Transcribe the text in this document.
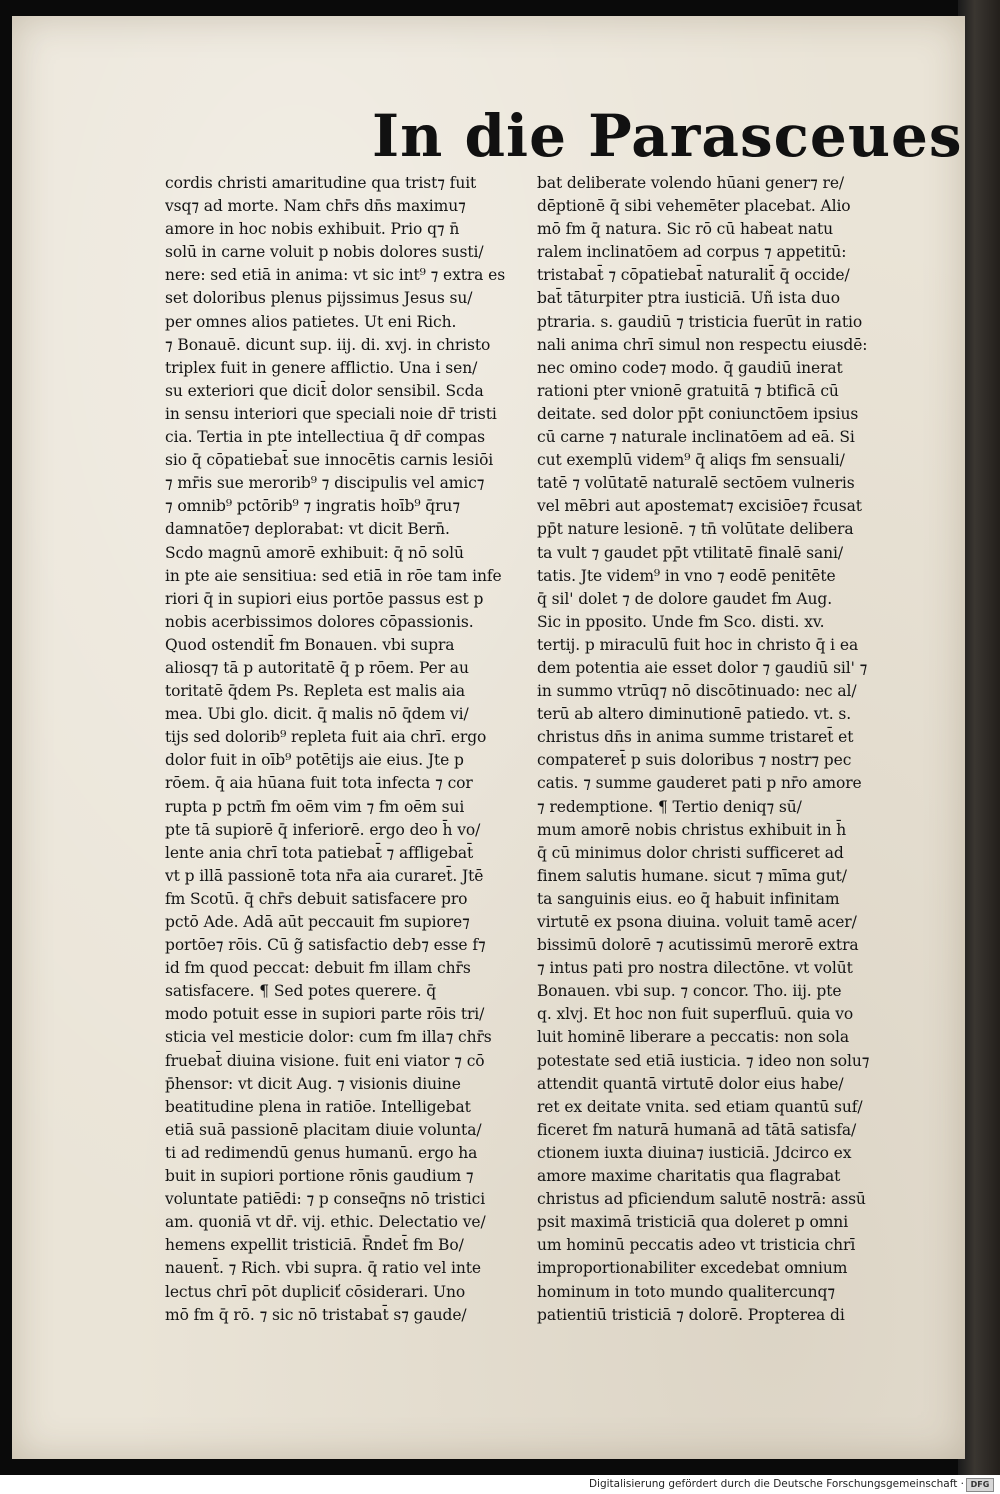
In die Parasceues
cordis christi amaritudine qua trist⁊ fuit
vsq⁊ ad morte. Nam chr̄s dn̄s maximu⁊
amore in hoc nobis exhibuit. Prio q⁊ n̄
solū in carne voluit p nobis dolores susti/
nere: sed etiā in anima: vt sic int⁹ ⁊ extra es
set doloribus plenus pijssimus Jesus su/
per omnes alios patietes. Ut eni Rich.
⁊ Bonauē. dicunt sup. iij. di. xvj. in christo
triplex fuit in genere afflictio. Una i sen/
su exteriori que dicit̄ dolor sensibil. Scda
in sensu interiori que speciali noie dr̄ tristi
cia. Tertia in pte intellectiua q̄ dr̄ compas
sio q̄ cōpatiebat̄ sue innocētis carnis lesiōi
⁊ mr̄is sue merorib⁹ ⁊ discipulis vel amic⁊
⁊ omnib⁹ pctōrib⁹ ⁊ ingratis hoīb⁹ q̄ru⁊
damnatōe⁊ deplorabat: vt dicit Bern̄.
Scdo magnū amorē exhibuit: q̄ nō solū
in pte aie sensitiua: sed etiā in rōe tam infe
riori q̄ in supiori eius portōe passus est p
nobis acerbissimos dolores cōpassionis.
Quod ostendit̄ fm Bonauen. vbi supra
aliosq⁊ tā p autoritatē q̄ p rōem. Per au
toritatē q̄dem Ps. Repleta est malis aia
mea. Ubi glo. dicit. q̄ malis nō q̄dem vi/
tijs sed dolorib⁹ repleta fuit aia chrī. ergo
dolor fuit in oīb⁹ potētijs aie eius. Jte p
rōem. q̄ aia hūana fuit tota infecta ⁊ cor
rupta p pctm̄ fm oēm vim ⁊ fm oēm sui
pte tā supiorē q̄ inferiorē. ergo deo h̄ vo/
lente ania chrī tota patiebat̄ ⁊ affligebat̄
vt p illā passionē tota nr̄a aia curaret̄. Jtē
fm Scotū. q̄ chr̄s debuit satisfacere pro
pctō Ade. Adā aūt peccauit fm supiore⁊
portōe⁊ rōis. Cū g̃ satisfactio deb⁊ esse f⁊
id fm quod peccat: debuit fm illam chr̄s
satisfacere. ¶ Sed potes querere. q̄
modo potuit esse in supiori parte rōis tri/
sticia vel mesticie dolor: cum fm illa⁊ chr̄s
fruebat̄ diuina visione. fuit eni viator ⁊ cō
p̄hensor: vt dicit Aug. ⁊ visionis diuine
beatitudine plena in ratiōe. Intelligebat
etiā suā passionē placitam diuie volunta/
ti ad redimendū genus humanū. ergo ha
buit in supiori portione rōnis gaudium ⁊
voluntate patiēdi: ⁊ p conseq̄ns nō tristici
am. quoniā vt dr̄. vij. ethic. Delectatio ve/
hemens expellit tristiciā. R̄ndet̄ fm Bo/
nauent̄. ⁊ Rich. vbi supra. q̄ ratio vel inte
lectus chrī pōt dupliciť cōsiderari. Uno
mō fm q̄ rō. ⁊ sic nō tristabat̄ s⁊ gaude/
bat deliberate volendo hūani gener⁊ re/
dēptionē q̄ sibi vehemēter placebat. Alio
mō fm q̄ natura. Sic rō cū habeat natu
ralem inclinatōem ad corpus ⁊ appetitū:
tristabat̄ ⁊ cōpatiebat̄ naturalit̄ q̄ occide/
bat̄ tāturpiter ptra iusticiā. Uñ ista duo
ptraria. s. gaudiū ⁊ tristicia fuerūt in ratio
nali anima chrī simul non respectu eiusdē:
nec omino code⁊ modo. q̄ gaudiū inerat
rationi pter vnionē gratuitā ⁊ btificā cū
deitate. sed dolor pp̄t coniunctōem ipsius
cū carne ⁊ naturale inclinatōem ad eā. Si
cut exemplū videm⁹ q̄ aliqs fm sensuali/
tatē ⁊ volūtatē naturalē sectōem vulneris
vel mēbri aut apostemat⁊ excisiōe⁊ r̄cusat
pp̄t nature lesionē. ⁊ tn̄ volūtate delibera
ta vult ⁊ gaudet pp̄t vtilitatē finalē sani/
tatis. Jte videm⁹ in vno ⁊ eodē penitēte
q̄ sil' dolet ⁊ de dolore gaudet fm Aug.
Sic in pposito. Unde fm Sco. disti. xv.
tertij. p miraculū fuit hoc in christo q̄ i ea
dem potentia aie esset dolor ⁊ gaudiū sil' ⁊
in summo vtrūq⁊ nō discōtinuado: nec al/
terū ab altero diminutionē patiedo. vt. s.
christus dn̄s in anima summe tristaret̄ et
compateret̄ p suis doloribus ⁊ nostr⁊ pec
catis. ⁊ summe gauderet pati p nr̄o amore
⁊ redemptione. ¶ Tertio deniq⁊ sū/
mum amorē nobis christus exhibuit in h̄
q̄ cū minimus dolor christi sufficeret ad
finem salutis humane. sicut ⁊ mīma gut/
ta sanguinis eius. eo q̄ habuit infinitam
virtutē ex psona diuina. voluit tamē acer/
bissimū dolorē ⁊ acutissimū merorē extra
⁊ intus pati pro nostra dilectōne. vt volūt
Bonauen. vbi sup. ⁊ concor. Tho. iij. pte
q. xlvj. Et hoc non fuit superfluū. quia vo
luit hominē liberare a peccatis: non sola
potestate sed etiā iusticia. ⁊ ideo non solu⁊
attendit quantā virtutē dolor eius habe/
ret ex deitate vnita. sed etiam quantū suf/
ficeret fm naturā humanā ad tātā satisfa/
ctionem iuxta diuina⁊ iusticiā. Jdcirco ex
amore maxime charitatis qua flagrabat
christus ad pficiendum salutē nostrā: assū
psit maximā tristiciā qua doleret p omni
um hominū peccatis adeo vt tristicia chrī
improportionabiliter excedebat omnium
hominum in toto mundo qualitercunq⁊
patientiū tristiciā ⁊ dolorē. Propterea di
Digitalisierung gefördert durch die Deutsche Forschungsgemeinschaft · DFG
